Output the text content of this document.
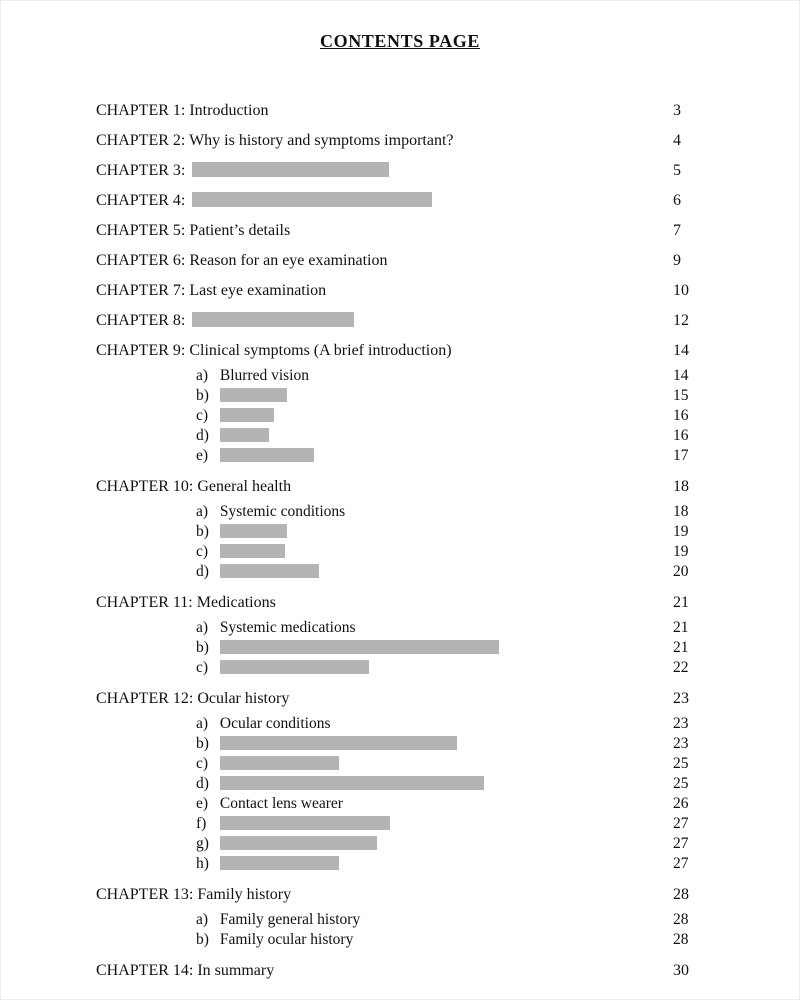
CONTENTS PAGE
CHAPTER 1: Introduction	3
CHAPTER 2: Why is history and symptoms important?	4
CHAPTER 3:	5
CHAPTER 4:	6
CHAPTER 5: Patient’s details	7
CHAPTER 6: Reason for an eye examination	9
CHAPTER 7: Last eye examination	10
CHAPTER 8:	12
CHAPTER 9: Clinical symptoms (A brief introduction)	14
a) Blurred vision	14
b)	15
c)	16
d)	16
e)	17
CHAPTER 10: General health	18
a) Systemic conditions	18
b)	19
c)	19
d)	20
CHAPTER 11: Medications	21
a) Systemic medications	21
b)	21
c)	22
CHAPTER 12: Ocular history	23
a) Ocular conditions	23
b)	23
c)	25
d)	25
e) Contact lens wearer	26
f)	27
g)	27
h)	27
CHAPTER 13: Family history	28
a) Family general history	28
b) Family ocular history	28
CHAPTER 14: In summary	30
